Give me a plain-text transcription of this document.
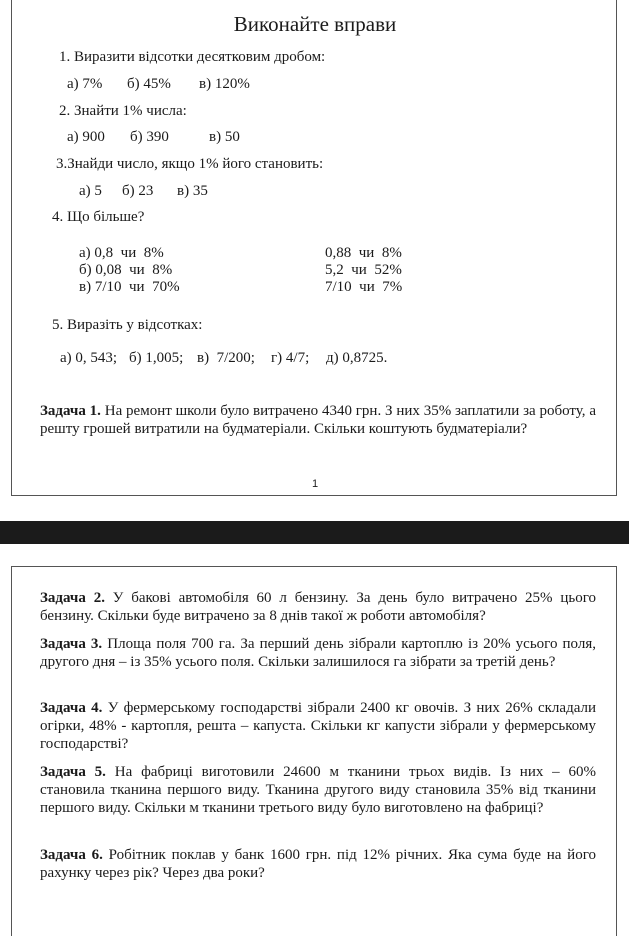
Виконайте вправи
1. Виразити відсотки десятковим дробом:
а) 7% б) 45% в) 120%
2. Знайти 1% числа:
а) 900 б) 390	в) 50
3.Знайди число, якщо 1% його становить:
а) 5 б) 23 в) 35
4. Що більше?
а) 0,8  чи  8%
б) 0,08  чи  8%
в) 7/10  чи  70%
0,88  чи  8%
5,2  чи  52%
7/10  чи  7%
5. Виразіть у відсотках:
а) 0, 543; б) 1,005; в)  7/200; г) 4/7; д) 0,8725.
Задача 1. На ремонт школи було витрачено 4340 грн. З них 35% заплатили за роботу, а решту грошей витратили на будматеріали. Скільки коштують будматеріали?
1
Задача 2. У бакові автомобіля 60 л бензину. За день було витрачено 25% цього бензину. Скільки буде витрачено за 8 днів такої ж роботи автомобіля?
Задача 3. Площа поля 700 га. За перший день зібрали картоплю із 20% усього поля, другого дня – із 35% усього поля. Скільки залишилося га зібрати за третій день?
Задача 4. У фермерському господарстві зібрали 2400 кг овочів. З них 26% складали огірки, 48% - картопля, решта – капуста. Скільки кг капусти зібрали у фермерському господарстві?
Задача 5. На фабриці виготовили 24600 м тканини трьох видів. Із них – 60% становила тканина першого виду. Тканина другого виду становила 35% від тканини першого виду. Скільки м тканини третього виду було виготовлено на фабриці?
Задача 6. Робітник поклав у банк 1600 грн. під 12% річних. Яка сума буде на його рахунку через рік? Через два роки?
